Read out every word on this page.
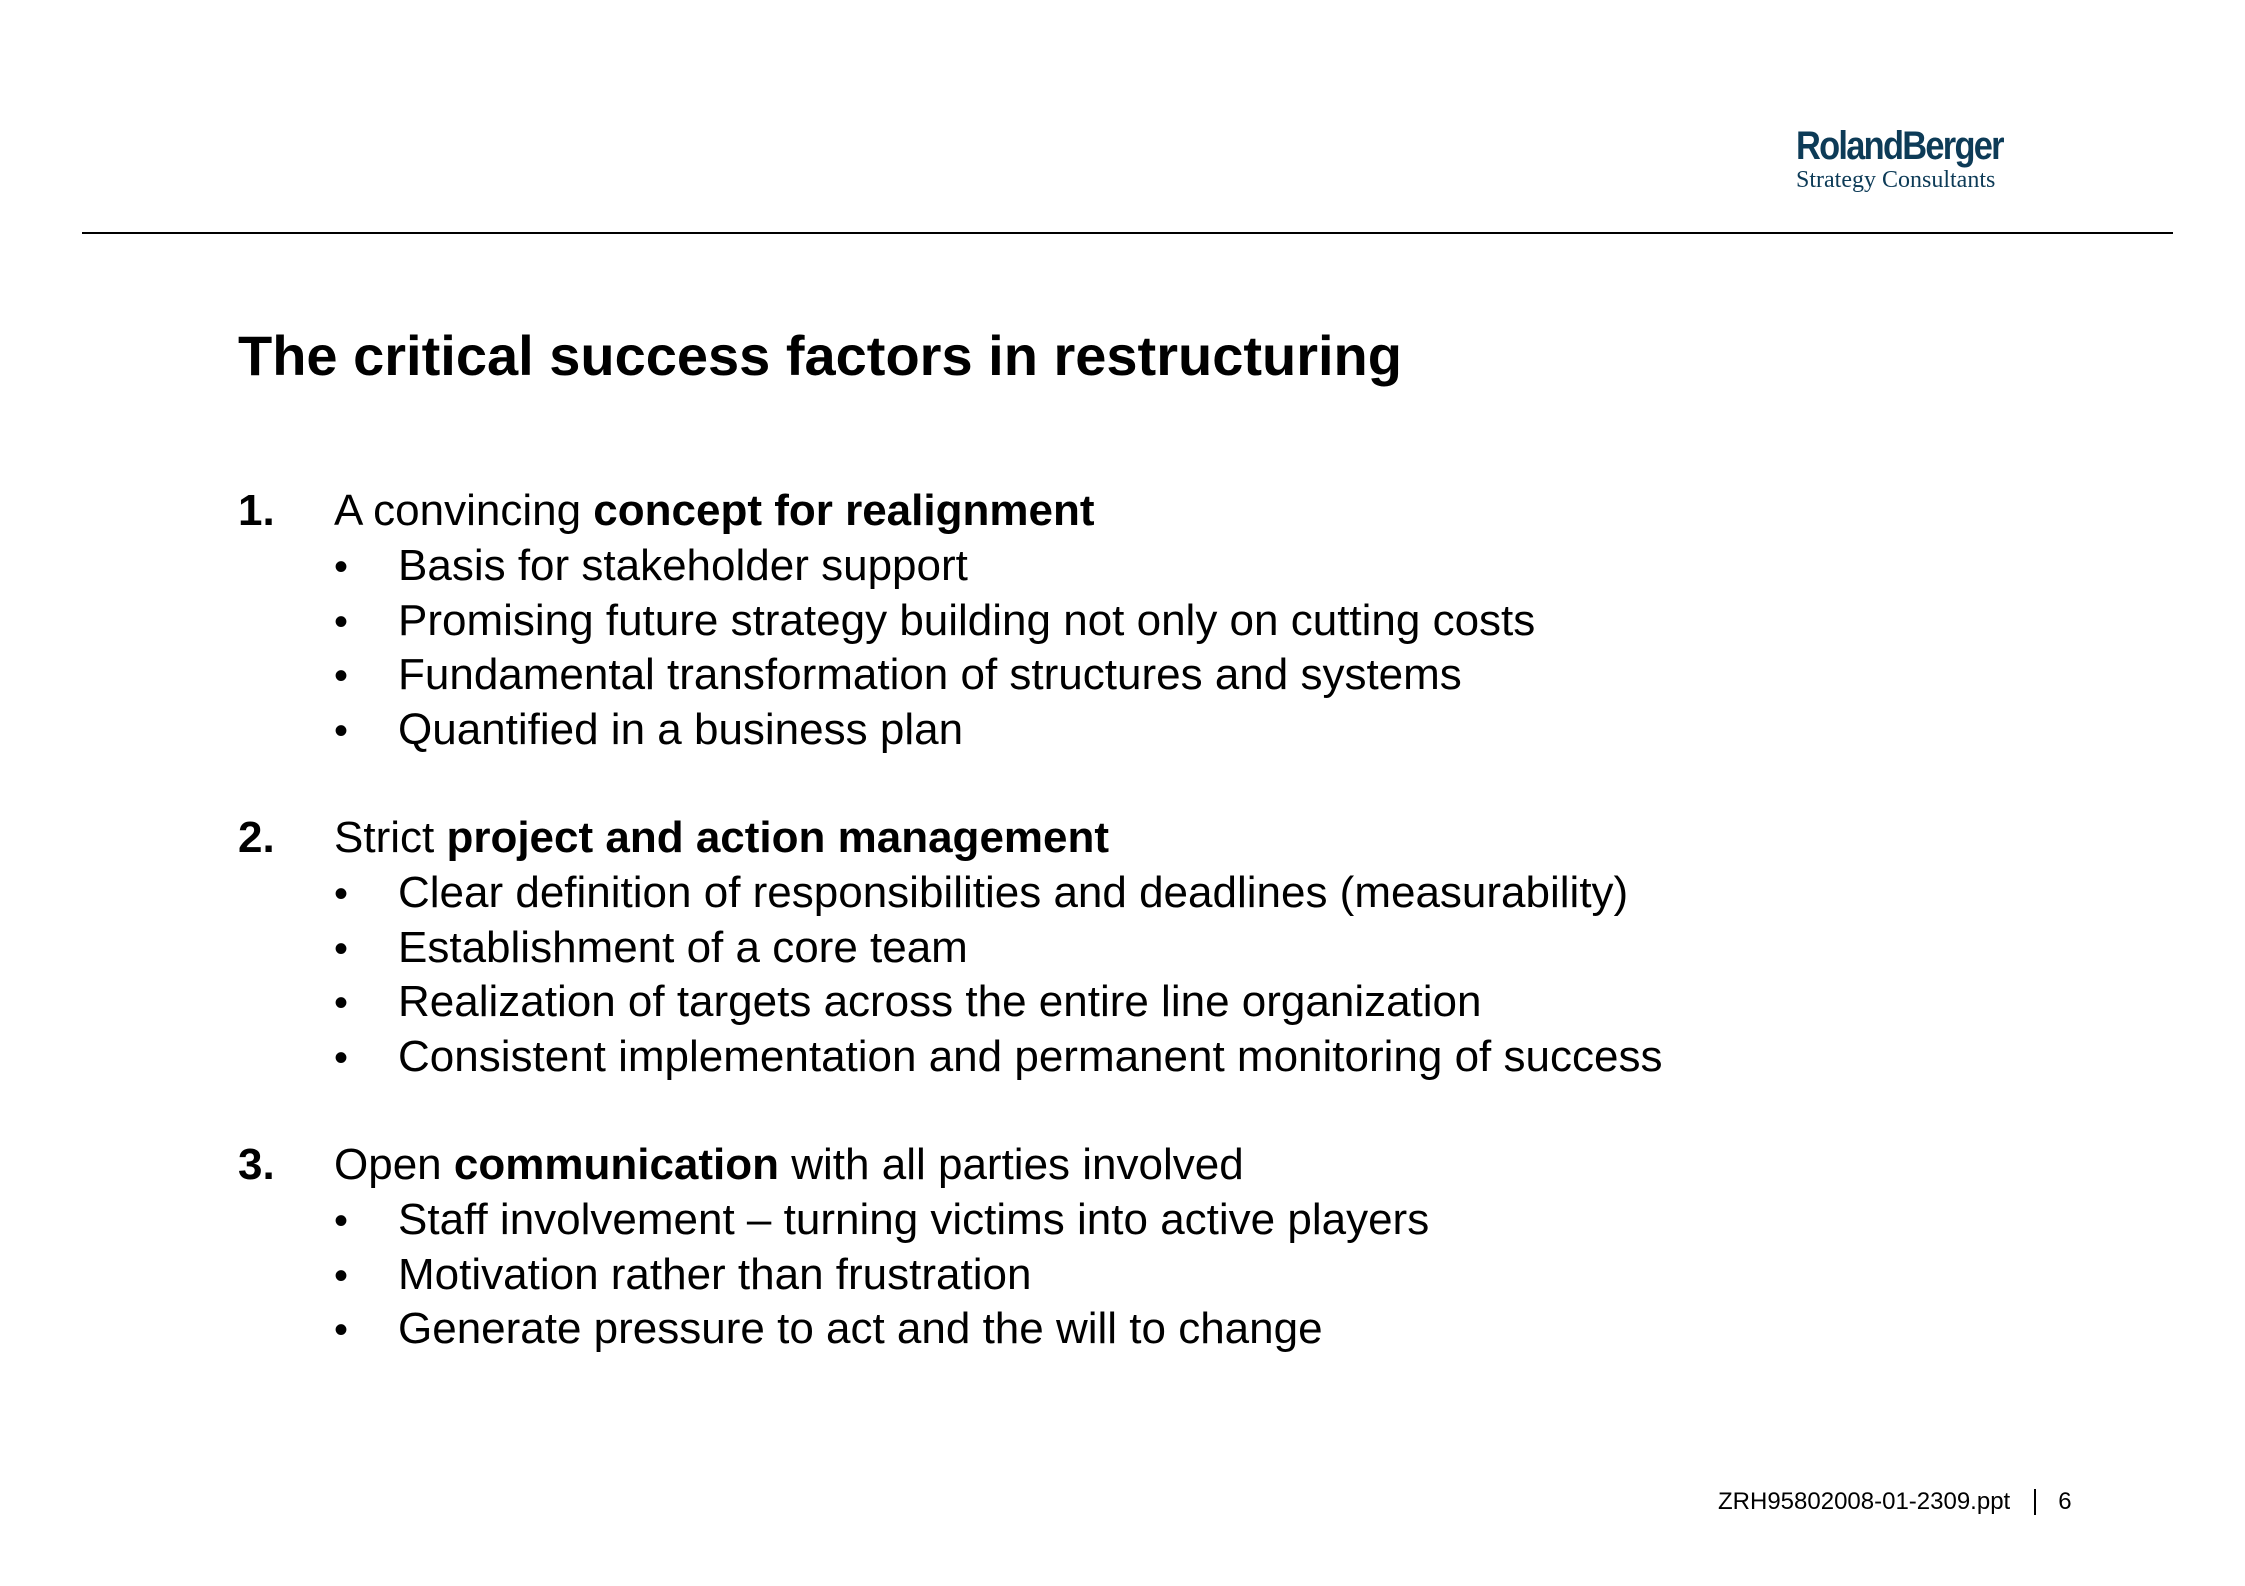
RolandBerger
Strategy Consultants
The critical success factors in restructuring
1.	A convincing concept for realignment
•	Basis for stakeholder support
•	Promising future strategy building not only on cutting costs
•	Fundamental transformation of structures and systems
•	Quantified in a business plan
2.	Strict project and action management
•	Clear definition of responsibilities and deadlines (measurability)
•	Establishment of a core team
•	Realization of targets across the entire line organization
•	Consistent implementation and permanent monitoring of success
3.	Open communication with all parties involved
•	Staff involvement – turning victims into active players
•	Motivation rather than frustration
•	Generate pressure to act and the will to change
ZRH95802008-01-2309.ppt 6
